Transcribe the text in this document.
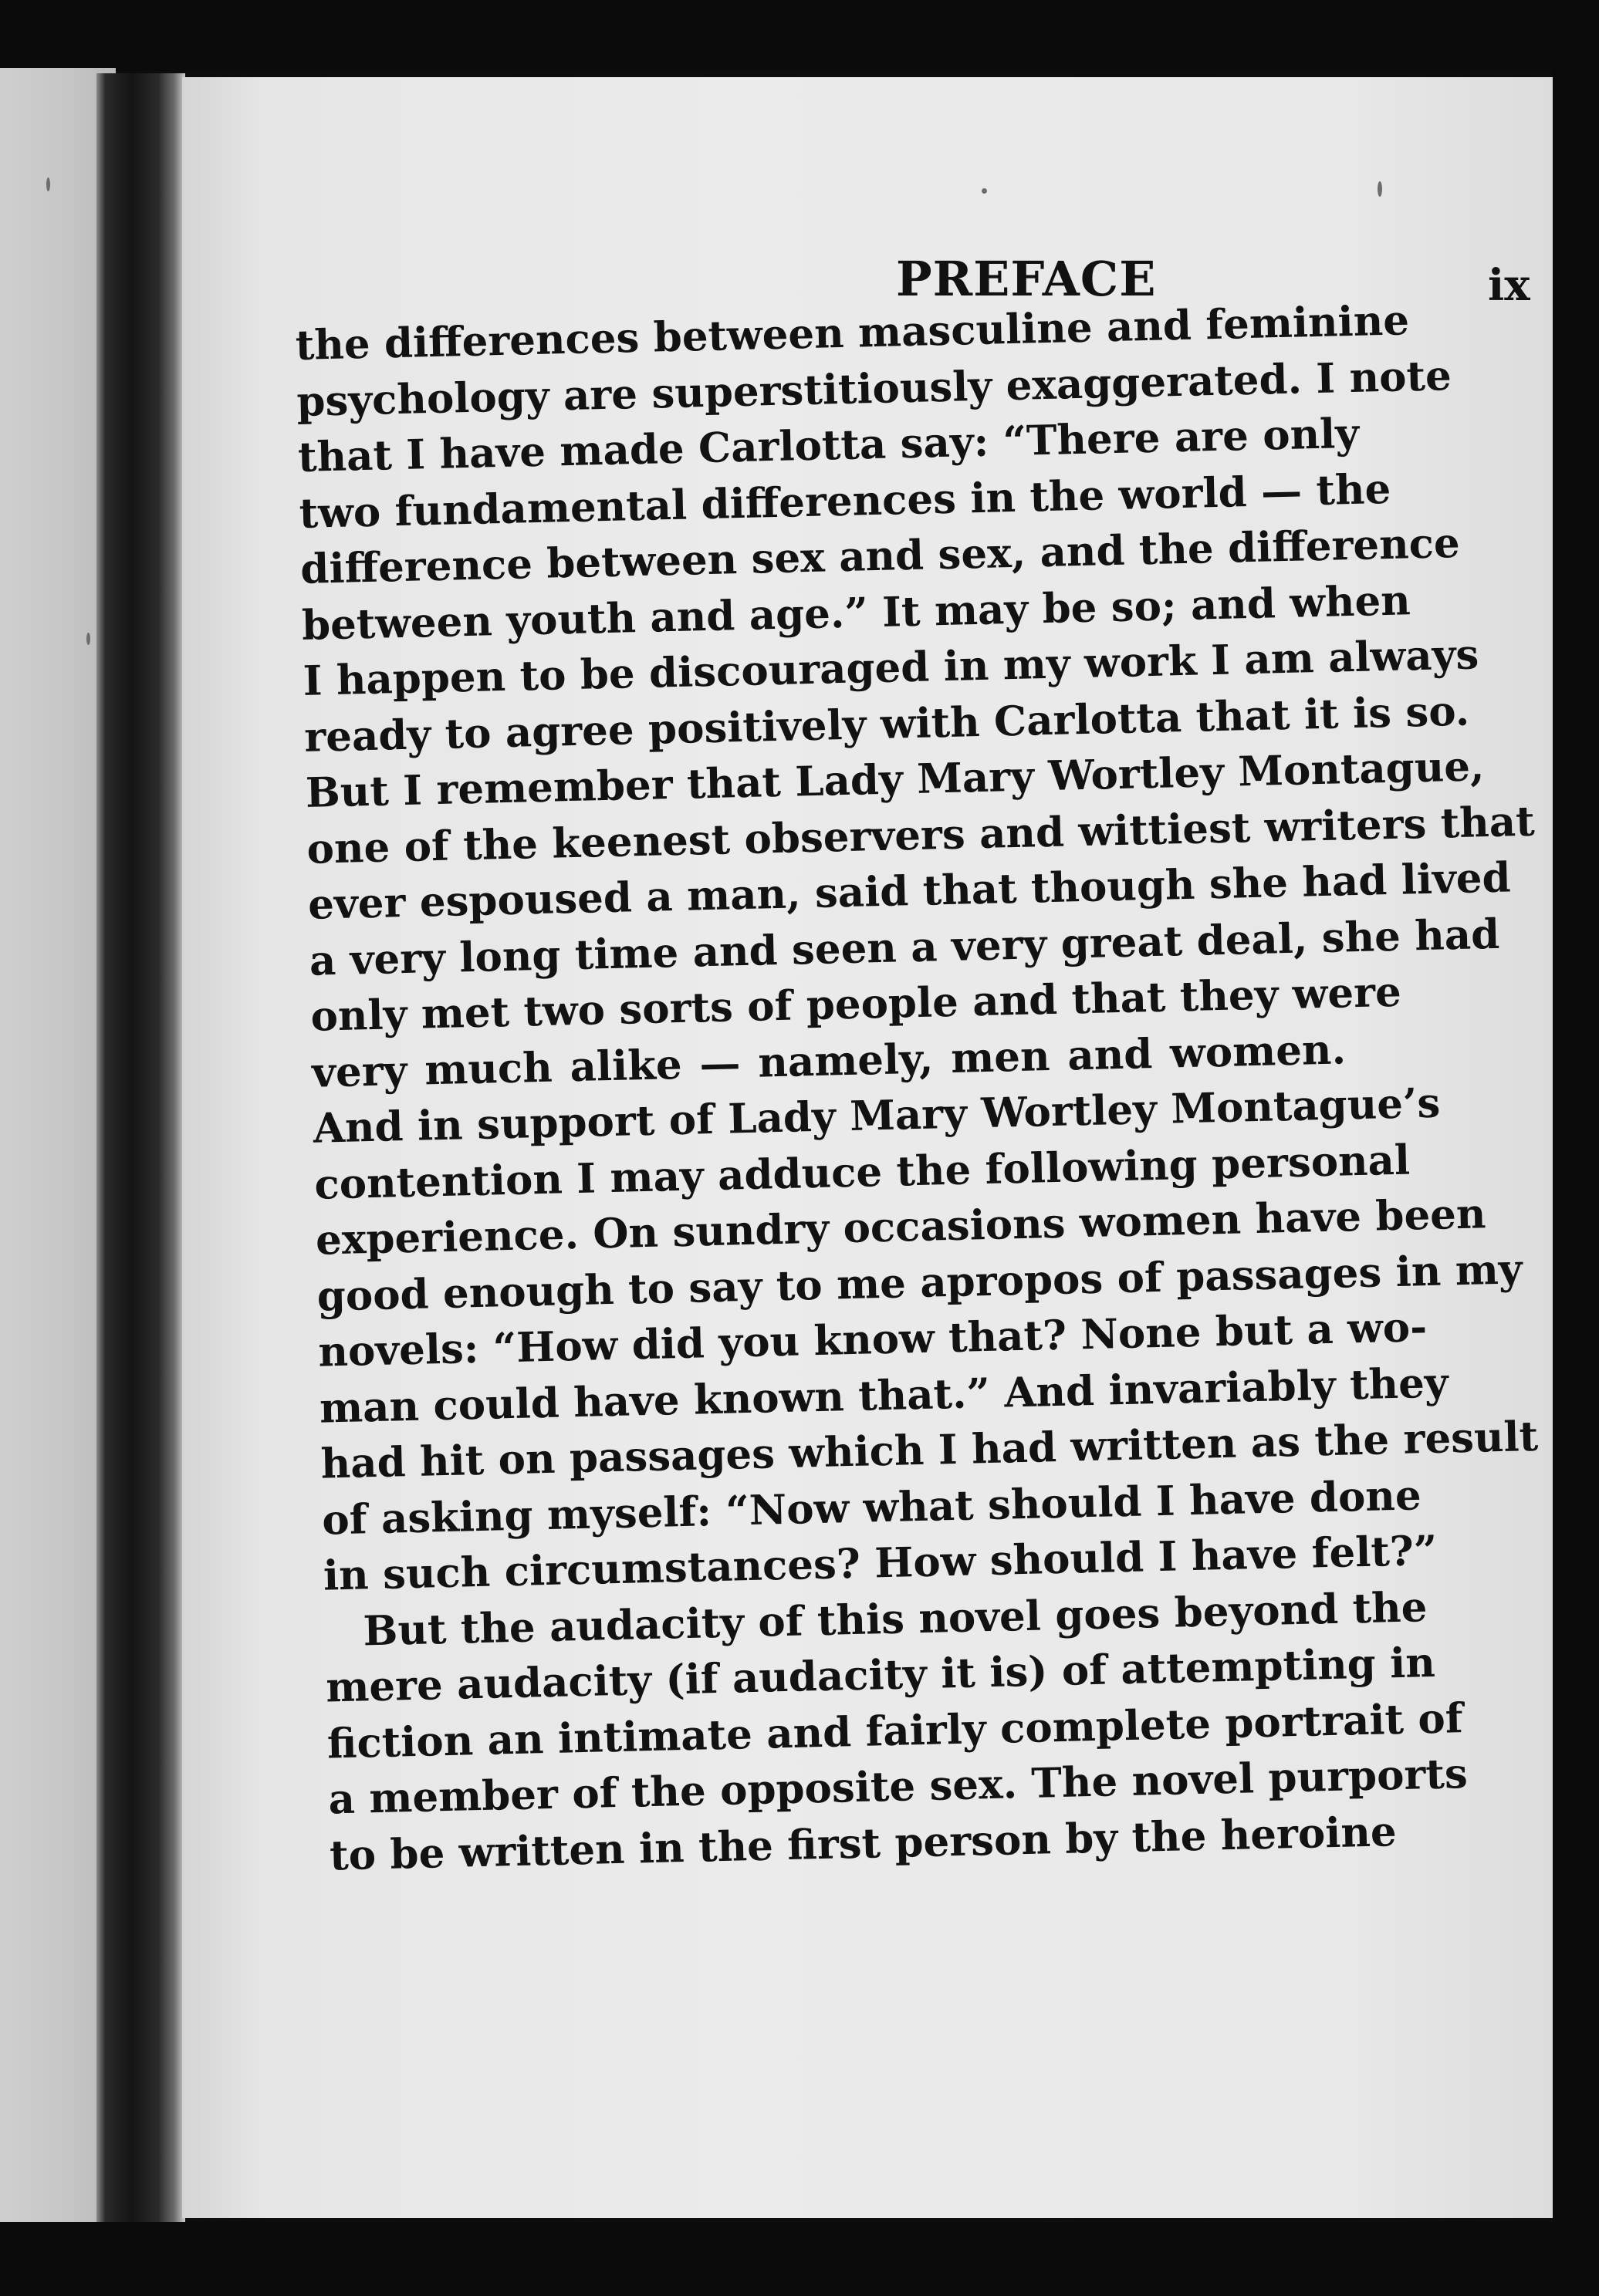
PREFACE	ix
the differences between masculine and feminine
psychology are superstitiously exaggerated. I note
that I have made Carlotta say: “There are only
two fundamental differences in the world — the
difference between sex and sex, and the difference
between youth and age.” It may be so; and when
I happen to be discouraged in my work I am always
ready to agree positively with Carlotta that it is so.
But I remember that Lady Mary Wortley Montague,
one of the keenest observers and wittiest writers that
ever espoused a man, said that though she had lived
a very long time and seen a very great deal, she had
only met two sorts of people and that they were
very much alike — namely, men and women.
And in support of Lady Mary Wortley Montague’s
contention I may adduce the following personal
experience. On sundry occasions women have been
good enough to say to me apropos of passages in my
novels: “How did you know that? None but a wo-
man could have known that.” And invariably they
had hit on passages which I had written as the result
of asking myself: “Now what should I have done
in such circumstances? How should I have felt?”
But the audacity of this novel goes beyond the
mere audacity (if audacity it is) of attempting in
fiction an intimate and fairly complete portrait of
a member of the opposite sex. The novel purports
to be written in the first person by the heroine
